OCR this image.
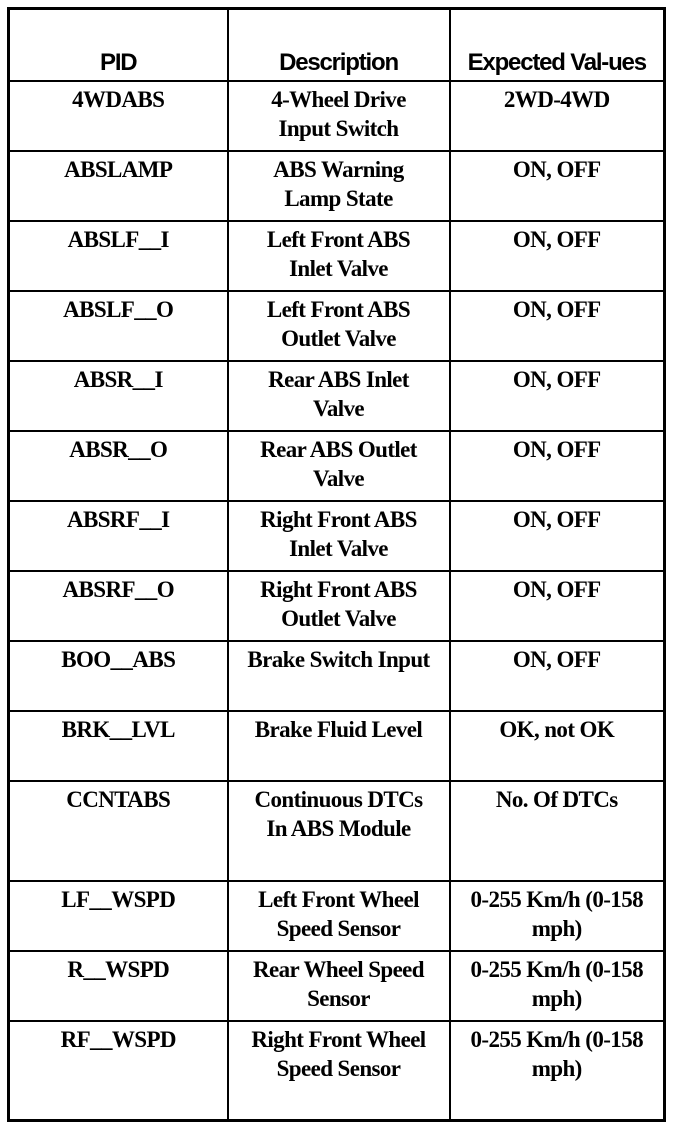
PID	Description	Expected Val-ues
4WDABS	4-Wheel Drive Input Switch	2WD-4WD
ABSLAMP	ABS Warning Lamp State	ON, OFF
ABSLF__I	Left Front ABS Inlet Valve	ON, OFF
ABSLF__O	Left Front ABS Outlet Valve	ON, OFF
ABSR__I	Rear ABS Inlet Valve	ON, OFF
ABSR__O	Rear ABS Outlet Valve	ON, OFF
ABSRF__I	Right Front ABS Inlet Valve	ON, OFF
ABSRF__O	Right Front ABS Outlet Valve	ON, OFF
BOO__ABS	Brake Switch Input	ON, OFF
BRK__LVL	Brake Fluid Level	OK, not OK
CCNTABS	Continuous DTCs In ABS Module	No. Of DTCs
LF__WSPD	Left Front Wheel Speed Sensor	0-255 Km/h (0-158 mph)
R__WSPD	Rear Wheel Speed Sensor	0-255 Km/h (0-158 mph)
RF__WSPD	Right Front Wheel Speed Sensor	0-255 Km/h (0-158 mph)
